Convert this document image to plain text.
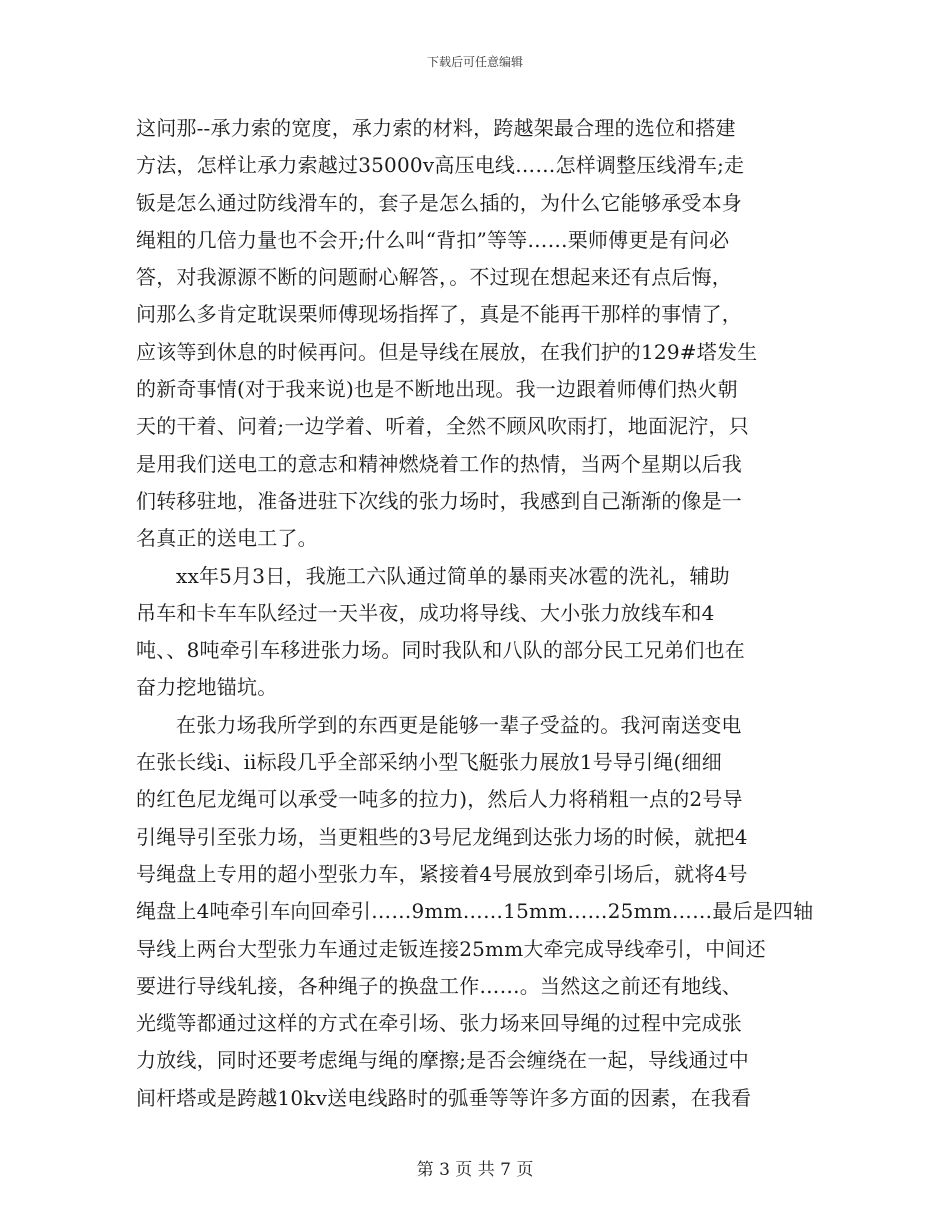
下载后可任意编辑
这问那--承力索的宽度，承力索的材料，跨越架最合理的选位和搭建
方法，怎样让承力索越过35000v高压电线……怎样调整压线滑车;走
钣是怎么通过防线滑车的，套子是怎么插的，为什么它能够承受本身
绳粗的几倍力量也不会开;什么叫“背扣”等等……栗师傅更是有问必
答，对我源源不断的问题耐心解答，。不过现在想起来还有点后悔，
问那么多肯定耽误栗师傅现场指挥了，真是不能再干那样的事情了，
应该等到休息的时候再问。但是导线在展放，在我们护的129#塔发生
的新奇事情(对于我来说)也是不断地出现。我一边跟着师傅们热火朝
天的干着、问着;一边学着、听着，全然不顾风吹雨打，地面泥泞，只
是用我们送电工的意志和精神燃烧着工作的热情，当两个星期以后我
们转移驻地，准备进驻下次线的张力场时，我感到自己渐渐的像是一
名真正的送电工了。
xx年5月3日，我施工六队通过简单的暴雨夹冰雹的洗礼，辅助
吊车和卡车车队经过一天半夜，成功将导线、大小张力放线车和4
吨、、8吨牵引车移进张力场。同时我队和八队的部分民工兄弟们也在
奋力挖地锚坑。
在张力场我所学到的东西更是能够一辈子受益的。我河南送变电
在张长线ⅰ、ⅱ标段几乎全部采纳小型飞艇张力展放1号导引绳(细细
的红色尼龙绳可以承受一吨多的拉力)，然后人力将稍粗一点的2号导
引绳导引至张力场，当更粗些的3号尼龙绳到达张力场的时候，就把4
号绳盘上专用的超小型张力车，紧接着4号展放到牵引场后，就将4号
绳盘上4吨牵引车向回牵引……9mm……15mm……25mm……最后是四轴
导线上两台大型张力车通过走钣连接25mm大牵完成导线牵引，中间还
要进行导线轧接，各种绳子的换盘工作……。当然这之前还有地线、
光缆等都通过这样的方式在牵引场、张力场来回导绳的过程中完成张
力放线，同时还要考虑绳与绳的摩擦;是否会缠绕在一起，导线通过中
间杆塔或是跨越10kv送电线路时的弧垂等等许多方面的因素，在我看
第 3 页 共 7 页
